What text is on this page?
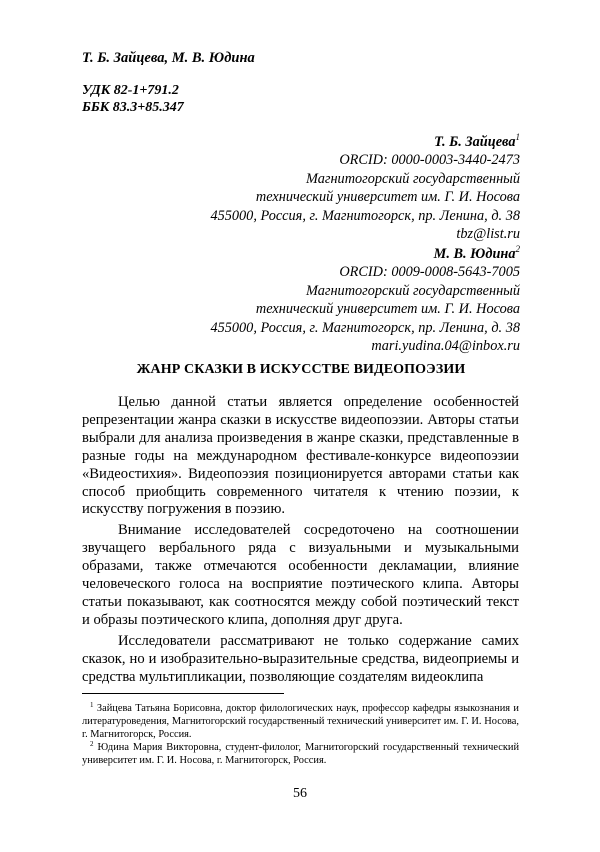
Т. Б. Зайцева, М. В. Юдина
УДК 82-1+791.2
ББК 83.3+85.347
Т. Б. Зайцева$^1$
ORCID: 0000-0003-3440-2473
Магнитогорский государственный
технический университет им. Г. И. Носова
455000, Россия, г. Магнитогорск, пр. Ленина, д. 38
tbz@list.ru
М. В. Юдина$^2$
ORCID: 0009-0008-5643-7005
Магнитогорский государственный
технический университет им. Г. И. Носова
455000, Россия, г. Магнитогорск, пр. Ленина, д. 38
mari.yudina.04@inbox.ru
ЖАНР СКАЗКИ В ИСКУССТВЕ ВИДЕОПОЭЗИИ

Целью данной статьи является определение особенностей репрезентации жанра сказки в искусстве видеопоэзии. Авторы статьи выбрали для анализа произведения в жанре сказки, представленные в разные годы на международном фестивале-конкурсе видеопоэзии «Видеостихия». Видеопоэзия позиционируется авторами статьи как способ приобщить современного читателя к чтению поэзии, к искусству погружения в поэзию.

Внимание исследователей сосредоточено на соотношении звучащего вербального ряда с визуальными и музыкальными образами, также отмечаются особенности декламации, влияние человеческого голоса на восприятие поэтического клипа. Авторы статьи показывают, как соотносятся между собой поэтический текст и образы поэтического клипа, дополняя друг друга.

Исследователи рассматривают не только содержание самих сказок, но и изобразительно-выразительные средства, видеоприемы и средства мультипликации, позволяющие создателям видеоклипа

$^1$ Зайцева Татьяна Борисовна, доктор филологических наук, профессор кафедры языкознания и литературоведения, Магнитогорский государственный технический университет им. Г. И. Носова, г. Магнитогорск, Россия.

$^2$ Юдина Мария Викторовна, студент-филолог, Магнитогорский государственный технический университет им. Г. И. Носова, г. Магнитогорск, Россия.

56
